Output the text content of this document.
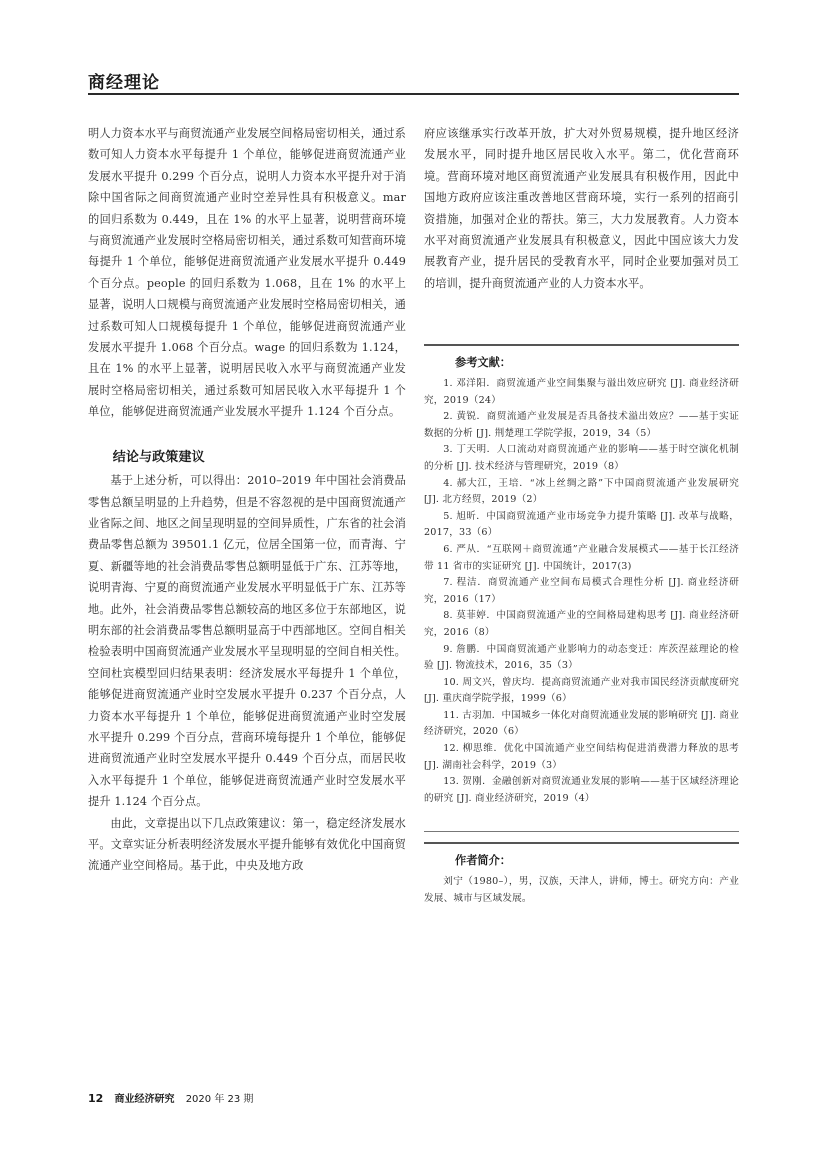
商经理论

明人力资本水平与商贸流通产业发展空间格局密切相关，通过系数可知人力资本水平每提升 1 个单位，能够促进商贸流通产业发展水平提升 0.299 个百分点，说明人力资本水平提升对于消除中国省际之间商贸流通产业时空差异性具有积极意义。mar 的回归系数为 0.449，且在 1% 的水平上显著，说明营商环境与商贸流通产业发展时空格局密切相关，通过系数可知营商环境每提升 1 个单位，能够促进商贸流通产业发展水平提升 0.449 个百分点。people 的回归系数为 1.068，且在 1% 的水平上显著，说明人口规模与商贸流通产业发展时空格局密切相关，通过系数可知人口规模每提升 1 个单位，能够促进商贸流通产业发展水平提升 1.068 个百分点。wage 的回归系数为 1.124，且在 1% 的水平上显著，说明居民收入水平与商贸流通产业发展时空格局密切相关，通过系数可知居民收入水平每提升 1 个单位，能够促进商贸流通产业发展水平提升 1.124 个百分点。

结论与政策建议

基于上述分析，可以得出：2010–2019 年中国社会消费品零售总额呈明显的上升趋势，但是不容忽视的是中国商贸流通产业省际之间、地区之间呈现明显的空间异质性，广东省的社会消费品零售总额为 39501.1 亿元，位居全国第一位，而青海、宁夏、新疆等地的社会消费品零售总额明显低于广东、江苏等地，说明青海、宁夏的商贸流通产业发展水平明显低于广东、江苏等地。此外，社会消费品零售总额较高的地区多位于东部地区，说明东部的社会消费品零售总额明显高于中西部地区。空间自相关检验表明中国商贸流通产业发展水平呈现明显的空间自相关性。空间杜宾模型回归结果表明：经济发展水平每提升 1 个单位，能够促进商贸流通产业时空发展水平提升 0.237 个百分点，人力资本水平每提升 1 个单位，能够促进商贸流通产业时空发展水平提升 0.299 个百分点，营商环境每提升 1 个单位，能够促进商贸流通产业时空发展水平提升 0.449 个百分点，而居民收入水平每提升 1 个单位，能够促进商贸流通产业时空发展水平提升 1.124 个百分点。

由此，文章提出以下几点政策建议：第一，稳定经济发展水平。文章实证分析表明经济发展水平提升能够有效优化中国商贸流通产业空间格局。基于此，中央及地方政

府应该继承实行改革开放，扩大对外贸易规模，提升地区经济发展水平，同时提升地区居民收入水平。第二，优化营商环境。营商环境对地区商贸流通产业发展具有积极作用，因此中国地方政府应该注重改善地区营商环境，实行一系列的招商引资措施，加强对企业的帮扶。第三，大力发展教育。人力资本水平对商贸流通产业发展具有积极意义，因此中国应该大力发展教育产业，提升居民的受教育水平，同时企业要加强对员工的培训，提升商贸流通产业的人力资本水平。

参考文献：

1. 邓洋阳．商贸流通产业空间集聚与溢出效应研究 [J]. 商业经济研究，2019（24）

2. 黄锐．商贸流通产业发展是否具备技术溢出效应？——基于实证数据的分析 [J]. 荆楚理工学院学报，2019，34（5）

3. 丁天明．人口流动对商贸流通产业的影响——基于时空演化机制的分析 [J]. 技术经济与管理研究，2019（8）

4. 郝大江，王培．“冰上丝绸之路”下中国商贸流通产业发展研究 [J]. 北方经贸，2019（2）

5. 旭昕．中国商贸流通产业市场竞争力提升策略 [J]. 改革与战略，2017，33（6）

6. 严从．“互联网＋商贸流通”产业融合发展模式——基于长江经济带 11 省市的实证研究 [J]. 中国统计，2017(3)

7. 程洁．商贸流通产业空间布局模式合理性分析 [J]. 商业经济研究，2016（17）

8. 莫菲婷．中国商贸流通产业的空间格局建构思考 [J]. 商业经济研究，2016（8）

9. 詹鹏．中国商贸流通产业影响力的动态变迁：库茨涅兹理论的检验 [J]. 物流技术，2016，35（3）

10. 周文兴，曾庆均．提高商贸流通产业对我市国民经济贡献度研究 [J]. 重庆商学院学报，1999（6）

11. 古羽加．中国城乡一体化对商贸流通业发展的影响研究 [J]. 商业经济研究，2020（6）

12. 柳思维．优化中国流通产业空间结构促进消费潜力释放的思考 [J]. 湖南社会科学，2019（3）

13. 贺刚．金融创新对商贸流通业发展的影响——基于区域经济理论的研究 [J]. 商业经济研究，2019（4）

作者简介：

刘宁（1980–），男，汉族，天津人，讲师，博士。研究方向：产业发展、城市与区域发展。

12 商业经济研究 2020 年 23 期
